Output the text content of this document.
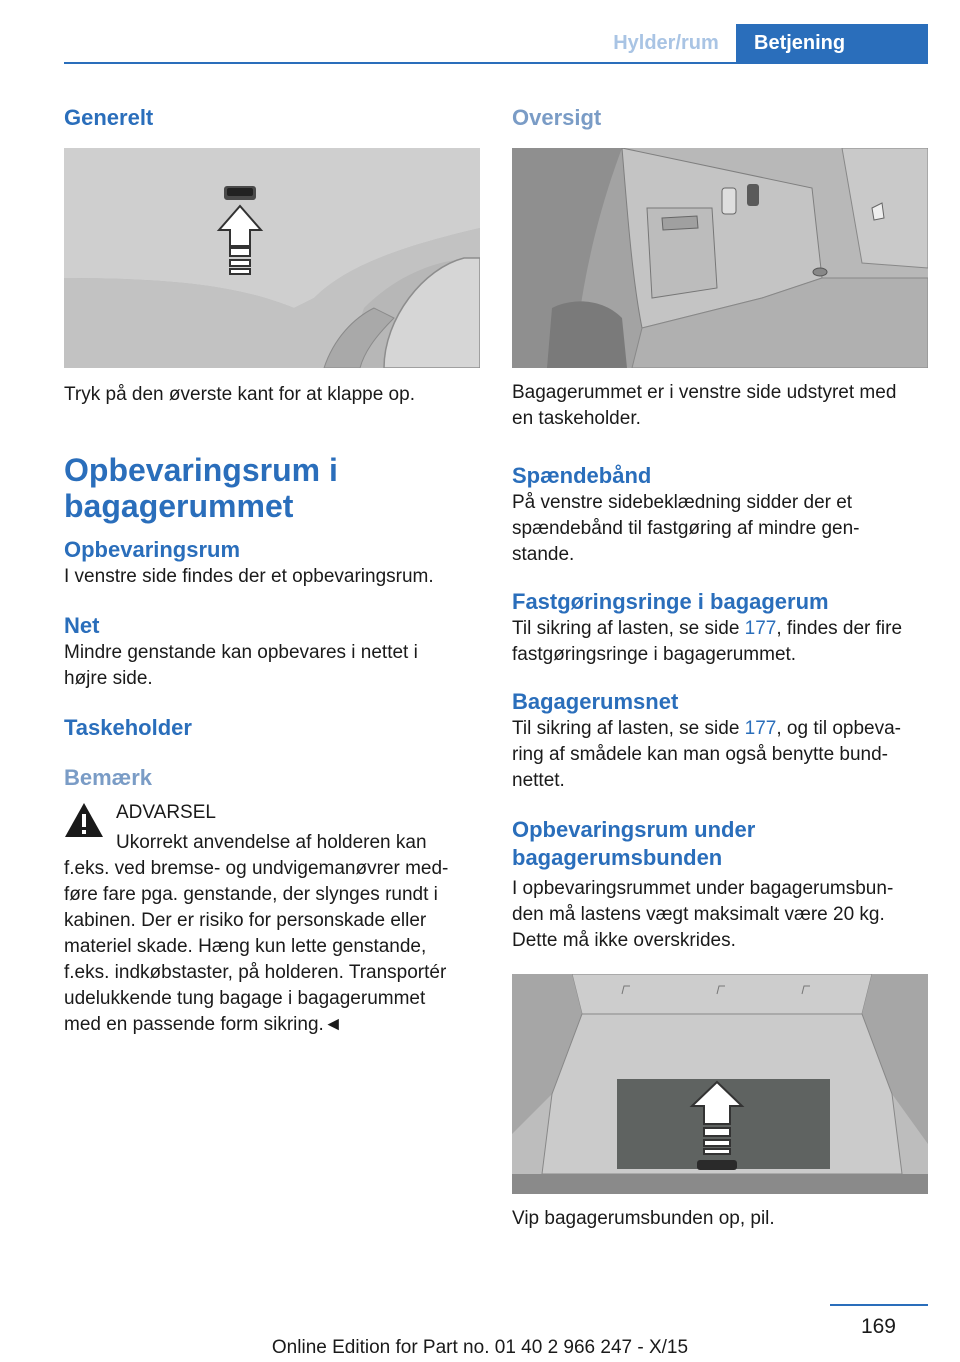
Hylder/rum	Betjening

Generelt

Tryk på den øverste kant for at klappe op.

Opbevaringsrum i

bagagerummet

Opbevaringsrum

I venstre side findes der et opbevaringsrum.

Net

Mindre genstande kan opbevares i nettet i

højre side.

Taskeholder

Bemærk

ADVARSEL

Ukorrekt anvendelse af holderen kan

f.eks. ved bremse- og undvigemanøvrer med-

føre fare pga. genstande, der slynges rundt i

kabinen. Der er risiko for personskade eller

materiel skade. Hæng kun lette genstande,

f.eks. indkøbstaster, på holderen. Transportér

udelukkende tung bagage i bagagerummet

med en passende form sikring.◄

Oversigt

Bagagerummet er i venstre side udstyret med

en taskeholder.

Spændebånd

På venstre sidebeklædning sidder der et

spændebånd til fastgøring af mindre gen-

stande.

Fastgøringsringe i bagagerum

Til sikring af lasten, se side 177, findes der fire

fastgøringsringe i bagagerummet.

Bagagerumsnet

Til sikring af lasten, se side 177, og til opbeva-

ring af smådele kan man også benytte bund-

nettet.

Opbevaringsrum under

bagagerumsbunden

I opbevaringsrummet under bagagerumsbun-

den må lastens vægt maksimalt være 20 kg.

Dette må ikke overskrides.

Vip bagagerumsbunden op, pil.

169
Online Edition for Part no. 01 40 2 966 247 - X/15
